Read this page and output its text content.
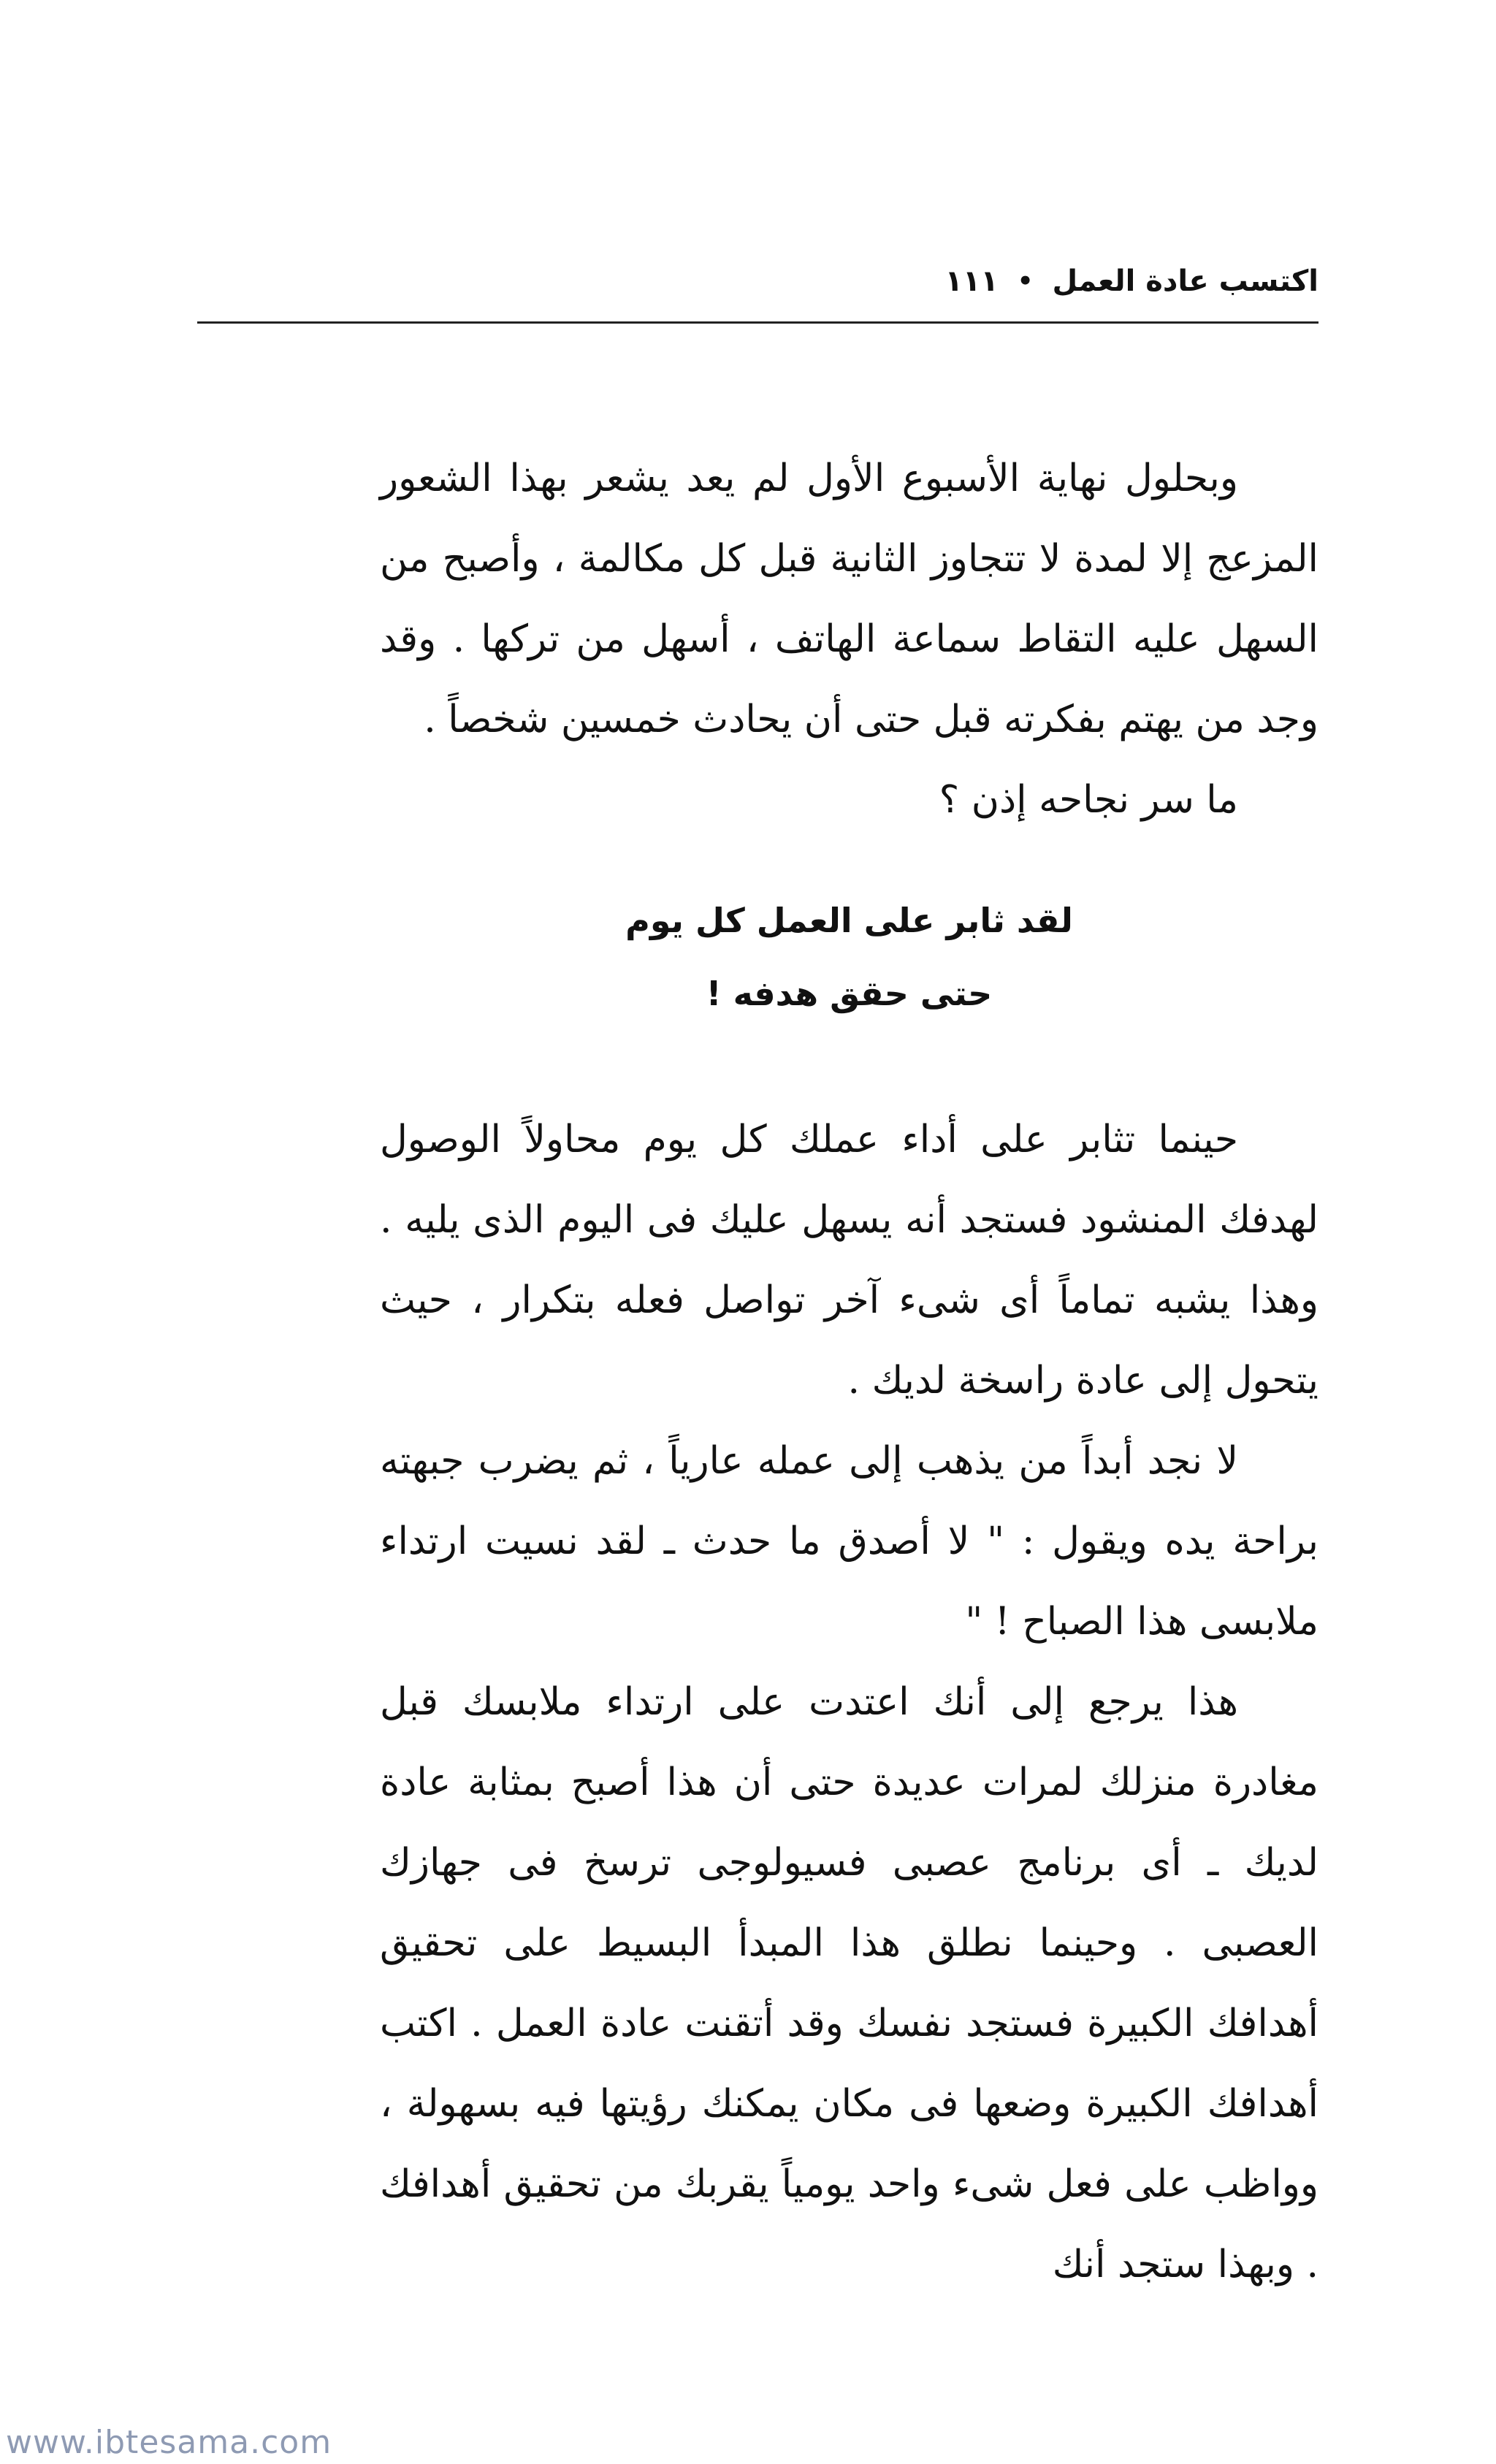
اكتسب عادة العمل
•
١١١

وبحلول نهاية الأسبوع الأول لم يعد يشعر بهذا الشعور المزعج إلا لمدة لا تتجاوز الثانية قبل كل مكالمة ، وأصبح من السهل عليه التقاط سماعة الهاتف ، أسهل من تركها . وقد وجد من يهتم بفكرته قبل حتى أن يحادث خمسين شخصاً .

ما سر نجاحه إذن ؟

لقد ثابر على العمل كل يوم
حتى حقق هدفه !

حينما تثابر على أداء عملك كل يوم محاولاً الوصول لهدفك المنشود فستجد أنه يسهل عليك فى اليوم الذى يليه . وهذا يشبه تماماً أى شىء آخر تواصل فعله بتكرار ، حيث يتحول إلى عادة راسخة لديك .

لا نجد أبداً من يذهب إلى عمله عارياً ، ثم يضرب جبهته براحة يده ويقول : " لا أصدق ما حدث ـ لقد نسيت ارتداء ملابسى هذا الصباح ! "

هذا يرجع إلى أنك اعتدت على ارتداء ملابسك قبل مغادرة منزلك لمرات عديدة حتى أن هذا أصبح بمثابة عادة لديك ـ أى برنامج عصبى فسيولوجى ترسخ فى جهازك العصبى . وحينما نطلق هذا المبدأ البسيط على تحقيق أهدافك الكبيرة فستجد نفسك وقد أتقنت عادة العمل . اكتب أهدافك الكبيرة وضعها فى مكان يمكنك رؤيتها فيه بسهولة ، وواظب على فعل شىء واحد يومياً يقربك من تحقيق أهدافك . وبهذا ستجد أنك

www.ibtesama.com
